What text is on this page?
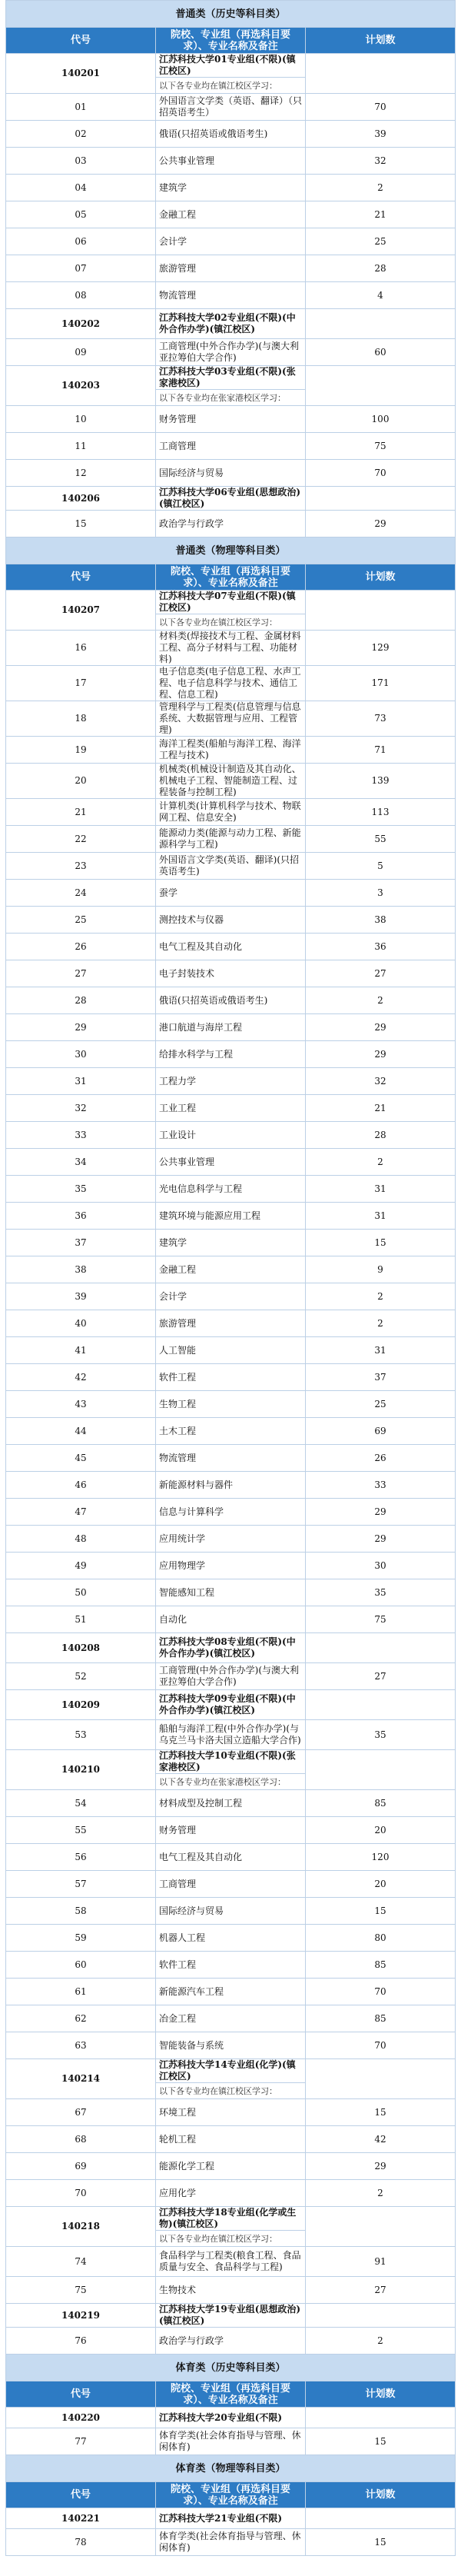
普通类（历史等科目类）		
代号	院校、专业组（再选科目要求）、专业名称及备注	计划数
140201	江苏科技大学01专业组(不限)(镇江校区)	
	以下各专业均在镇江校区学习：	
01	外国语言文学类（英语、翻译）（只招英语考生）	70
02	俄语(只招英语或俄语考生)	39
03	公共事业管理	32
04	建筑学	2
05	金融工程	21
06	会计学	25
07	旅游管理	28
08	物流管理	4
140202	江苏科技大学02专业组(不限)(中外合作办学)(镇江校区)	
09	工商管理(中外合作办学)(与澳大利亚拉筹伯大学合作)	60
140203	江苏科技大学03专业组(不限)(张家港校区)	
	以下各专业均在张家港校区学习：	
10	财务管理	100
11	工商管理	75
12	国际经济与贸易	70
140206	江苏科技大学06专业组(思想政治)(镇江校区)	
15	政治学与行政学	29
普通类（物理等科目类）		
代号	院校、专业组（再选科目要求）、专业名称及备注	计划数
140207	江苏科技大学07专业组(不限)(镇江校区)	
	以下各专业均在镇江校区学习：	
16	材料类(焊接技术与工程、金属材料工程、高分子材料与工程、功能材料)	129
17	电子信息类(电子信息工程、水声工程、电子信息科学与技术、通信工程、信息工程)	171
18	管理科学与工程类(信息管理与信息系统、大数据管理与应用、工程管理)	73
19	海洋工程类(船舶与海洋工程、海洋工程与技术)	71
20	机械类(机械设计制造及其自动化、机械电子工程、智能制造工程、过程装备与控制工程)	139
21	计算机类(计算机科学与技术、物联网工程、信息安全)	113
22	能源动力类(能源与动力工程、新能源科学与工程)	55
23	外国语言文学类(英语、翻译)(只招英语考生)	5
24	蚕学	3
25	测控技术与仪器	38
26	电气工程及其自动化	36
27	电子封装技术	27
28	俄语(只招英语或俄语考生)	2
29	港口航道与海岸工程	29
30	给排水科学与工程	29
31	工程力学	32
32	工业工程	21
33	工业设计	28
34	公共事业管理	2
35	光电信息科学与工程	31
36	建筑环境与能源应用工程	31
37	建筑学	15
38	金融工程	9
39	会计学	2
40	旅游管理	2
41	人工智能	31
42	软件工程	37
43	生物工程	25
44	土木工程	69
45	物流管理	26
46	新能源材料与器件	33
47	信息与计算科学	29
48	应用统计学	29
49	应用物理学	30
50	智能感知工程	35
51	自动化	75
140208	江苏科技大学08专业组(不限)(中外合作办学)(镇江校区)	
52	工商管理(中外合作办学)(与澳大利亚拉筹伯大学合作)	27
140209	江苏科技大学09专业组(不限)(中外合作办学)(镇江校区)	
53	船舶与海洋工程(中外合作办学)(与乌克兰马卡洛夫国立造船大学合作)	35
140210	江苏科技大学10专业组(不限)(张家港校区)	
	以下各专业均在张家港校区学习：	
54	材料成型及控制工程	85
55	财务管理	20
56	电气工程及其自动化	120
57	工商管理	20
58	国际经济与贸易	15
59	机器人工程	80
60	软件工程	85
61	新能源汽车工程	70
62	冶金工程	85
63	智能装备与系统	70
140214	江苏科技大学14专业组(化学)(镇江校区)	
	以下各专业均在镇江校区学习：	
67	环境工程	15
68	轮机工程	42
69	能源化学工程	29
70	应用化学	2
140218	江苏科技大学18专业组(化学或生物)(镇江校区)	
	以下各专业均在镇江校区学习：	
74	食品科学与工程类(粮食工程、食品质量与安全、食品科学与工程)	91
75	生物技术	27
140219	江苏科技大学19专业组(思想政治)(镇江校区)	
76	政治学与行政学	2
体育类（历史等科目类）		
代号	院校、专业组（再选科目要求）、专业名称及备注	计划数
140220	江苏科技大学20专业组(不限)	
77	体育学类(社会体育指导与管理、休闲体育)	15
体育类（物理等科目类）		
代号	院校、专业组（再选科目要求）、专业名称及备注	计划数
140221	江苏科技大学21专业组(不限)	
78	体育学类(社会体育指导与管理、休闲体育)	15
